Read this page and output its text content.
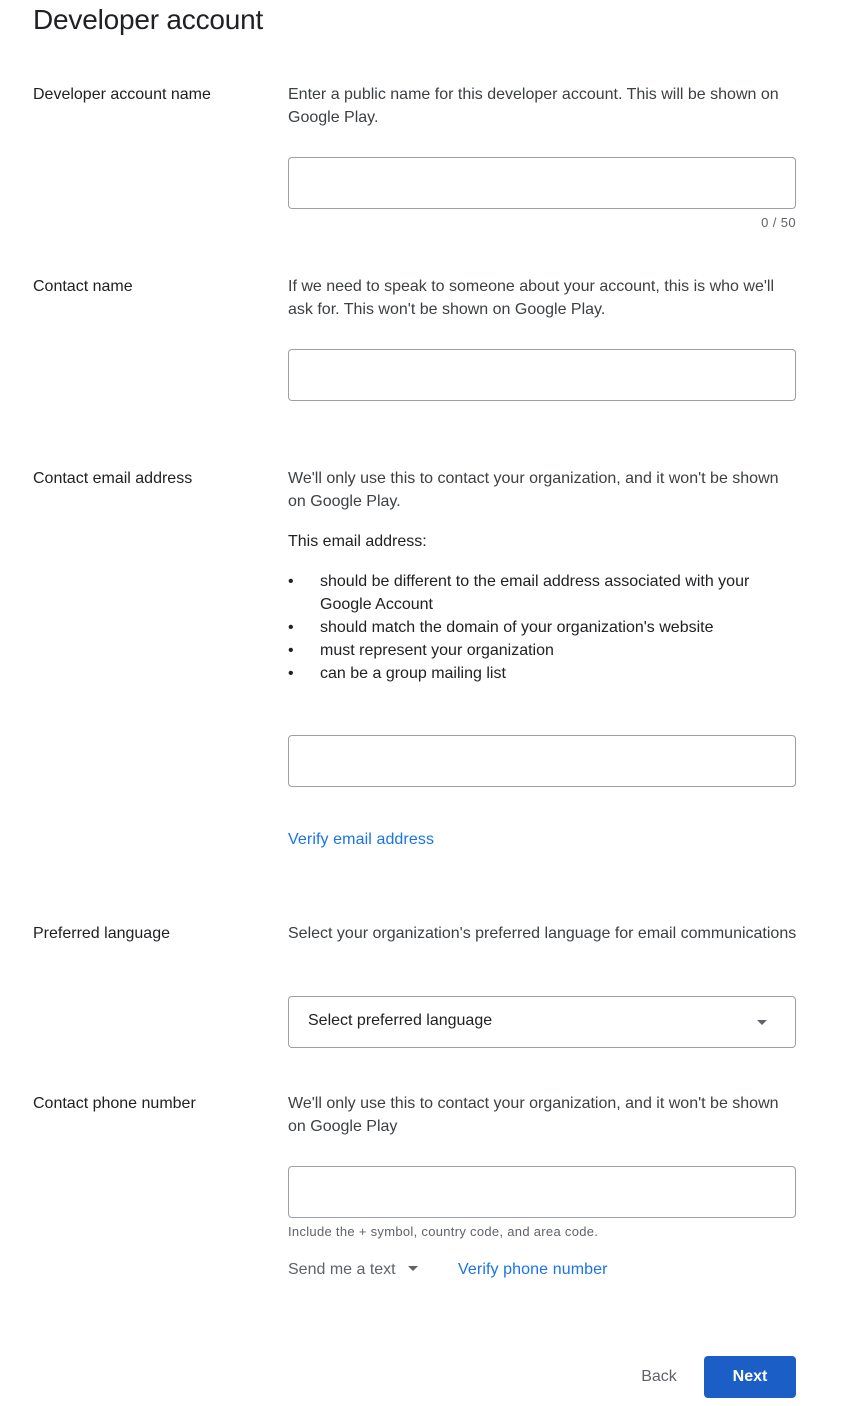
Developer account
Developer account name	Enter a public name for this developer account. This will be shown on Google Play.

0 / 50
Contact name	If we need to speak to someone about your account, this is who we'll ask for. This won't be shown on Google Play.

Contact email address	We'll only use this to contact your organization, and it won't be shown on Google Play.

This email address:

• should be different to the email address associated with your Google Account
• should match the domain of your organization's website
• must represent your organization
• can be a group mailing list
Verify email address
Preferred language	Select your organization's preferred language for email communications

Select preferred language
Contact phone number	We'll only use this to contact your organization, and it won't be shown on Google Play

Include the + symbol, country code, and area code.
Send me a text	Verify phone number
Back	Next
